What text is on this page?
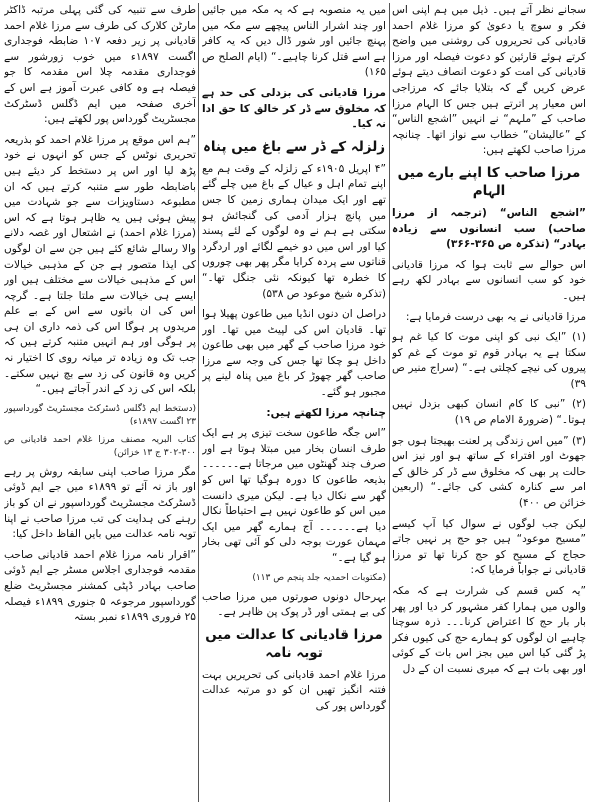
سجانے نظر آتے ہیں۔ ذیل میں ہم اپنی اس فکر و سوچ یا دعویٰ کو مرزا غلام احمد قادیانی کی تحریروں کی روشنی میں واضح کرتے ہوئے قارئین کو دعوت فیصلہ اور مرزا قادیانی کی امت کو دعوت انصاف دیتے ہوئے عرض کریں گے کہ بتلایا جائے کہ مرزاجی اس معیار پر اترتے ہیں جس کا الہام مرزا صاحب کے ”ملہم“ نے انہیں ”اشجع الناس“ کے ”عالیشان“ خطاب سے نواز اتھا۔ چنانچہ مرزا صاحب لکھتے ہیں:

مرزا صاحب کا اپنے بارے میں الہام

”اشجع الناس“ (ترجمہ از مرزا صاحب) سب انسانوں سے زیادہ بہادر“ (تذکرہ ص ۳۶۵-۳۶۶)

اس حوالے سے ثابت ہوا کہ مرزا قادیانی خود کو سب انسانوں سے بہادر لکھ رہے ہیں۔

مرزا قادیانی نے یہ بھی درست فرمایا ہے:

(۱) ”ایک نبی کو اپنی موت کا کیا غم ہو سکتا ہے یہ بہادر قوم تو موت کے غم کو پیروں کی نیچے کچلتی ہے۔“ (سراج منیر ص ۳۹)

(۲) ”نبی کا کام انسان کبھی بزدل نہیں ہوتا۔“ (ضرورۃ الامام ص ۱۹)

(۳) ”میں اس زندگی پر لعنت بھیجتا ہوں جو جھوٹ اور افتراء کے ساتھ ہو اور نیز اس حالت پر بھی کہ مخلوق سے ڈر کر خالق کے امر سے کنارہ کشی کی جائے۔“ (اربعین خزائن ص ۴۰۰)

لیکن جب لوگوں نے سوال کیا آپ کیسے ”مسیح موعود“ ہیں جو حج پر نہیں جاتے حجاج کے مسیح کو حج کرنا تھا تو مرزا قادیانی نے جواباً فرمایا کہ:

”یہ کس قسم کی شرارت ہے کہ مکہ والوں میں ہمارا کفر مشہور کر دیا اور پھر بار بار حج کا اعتراض کرنا۔۔۔ ذرہ سوچنا چاہیے ان لوگوں کو ہمارے حج کی کیوں فکر پڑ گئی کیا اس میں بجز اس بات کے کوئی اور بھی بات ہے کہ میری نسبت ان کے دل

میں یہ منصوبہ ہے کہ یہ مکہ میں جائیں اور چند اشرار الناس پیچھے سے مکہ میں پہنچ جائیں اور شور ڈال دیں کہ یہ کافر ہے اسے قتل کرنا چاہیے۔“ (ایام الصلح ص ۱۶۵)

مرزا قادیانی کی بزدلی کی حد ہے کہ مخلوق سے ڈر کر خالق کا حق ادا نہ کیا۔

زلزلہ کے ڈر سے باغ میں پناہ

”۴ اپریل ۱۹۰۵ء کے زلزلہ کے وقت ہم مع اپنے تمام اہل و عیال کے باغ میں چلے گئے تھے اور ایک میدان ہماری زمین کا جس میں پانچ ہزار آدمی کی گنجائش ہو سکتی ہے ہم نے وہ لوگوں کے لئے پسند کیا اور اس میں دو خیمے لگائے اور اردگرد قناتوں سے پردہ کرایا مگر پھر بھی چوروں کا خطرہ تھا کیونکہ نئی جنگل تھا۔“ (تذکرہ شیخ موعود ص ۵۳۸)

دراصل ان دنوں انڈیا میں طاعون پھیلا ہوا تھا۔ قادیان اس کی لپیٹ میں تھا۔ اور خود مرزا صاحب کے گھر میں بھی طاعون داخل ہو چکا تھا جس کی وجہ سے مرزا صاحب گھر چھوڑ کر باغ میں پناہ لینے پر مجبور ہو گئے۔

چنانچہ مرزا لکھتے ہیں:

”اس جگہ طاعون سخت تیزی پر ہے ایک طرف انسان بخار میں مبتلا ہوتا ہے اور صرف چند گھنٹوں میں مرجاتا ہے۔۔۔۔۔۔ بذیعہ طاعون کا دورہ ہوگیا تھا اس کو گھر سے نکال دیا ہے۔ لیکن میری دانست میں اس کو طاعون نہیں ہے احتیاطاً نکال دیا ہے۔۔۔۔۔۔ آج ہمارے گھر میں ایک مہمان عورت بوجہ دلی کو آئی تھی بخار ہو گیا ہے۔“

(مکتوبات احمدیہ جلد پنجم ص ۱۱۳)

بہرحال دونوں صورتوں میں مرزا صاحب کی بے ہمتی اور ڈر پوک پن ظاہر ہے۔

مرزا قادیانی کا عدالت میں توبہ نامہ

مرزا غلام احمد قادیانی کی تحریریں بہت فتنہ انگیز تھیں ان کو دو مرتبہ عدالت گورداس پور کی

طرف سے تنبیہ کی گئی پہلی مرتبہ ڈاکٹر مارٹن کلارک کی طرف سے مرزا غلام احمد قادیانی پر زیر دفعہ ۱۰۷ ضابطہ فوجداری اگست ۱۸۹۷ء میں خوب زورشور سے فوجداری مقدمہ چلا اس مقدمہ کا جو فیصلہ ہے وہ کافی عبرت آموز ہے اس کے آخری صفحہ میں ایم ڈگلس ڈسٹرکٹ مجسٹریٹ گورداس پور لکھتے ہیں:

”ہم اس موقع پر مرزا غلام احمد کو بذریعہ تحریری نوٹس کے جس کو انہوں نے خود پڑھ لیا اور اس پر دستخط کر دیئے ہیں باضابطہ طور سے متنبہ کرتے ہیں کہ ان مطبوعہ دستاویزات سے جو شہادت میں پیش ہوئی ہیں یہ ظاہر ہوتا ہے کہ اس (مرزا غلام احمد) نے اشتعال اور غصہ دلانے والا رسالے شائع کئے ہیں جن سے ان لوگوں کی ایذا متصور ہے جن کے مذہبی خیالات اس کے مذہبی خیالات سے مختلف ہیں اور ایسے ہی خیالات سے ملتا جلتا ہے۔ گرچہ اس کی ان باتوں سے اس کے بے علم مریدوں پر ہوگا اس کی ذمہ داری ان ہی پر ہوگی اور ہم انہیں متنبہ کرتے ہیں کہ جب تک وہ زیادہ تر میانہ روی کا اختیار نہ کریں وہ قانون کی زد سے بچ نہیں سکتے۔ بلکہ اس کی زد کے اندر آجاتے ہیں۔“

(دستخط ایم ڈگلس ڈسٹرکٹ مجسٹریٹ گورداسپور ۲۳ اگست ۱۸۹۷ء)

کتاب البریہ مصنف مرزا غلام احمد قادیانی ص ۳۰۰-۳۰۲ ج ۱۳ خزائن)

مگر مرزا صاحب اپنی سابقہ روش پر رہے اور باز نہ آئے تو ۱۸۹۹ء میں جے ایم ڈوئی ڈسٹرکٹ مجسٹریٹ گورداسپور نے ان کو باز رہنے کی ہدایت کی تب مرزا صاحب نے اپنا توبہ نامہ عدالت میں بایں الفاظ داخل کیا:

”اقرار نامہ مرزا غلام احمد قادیانی صاحب مقدمہ فوجداری اجلاس مسٹر جے ایم ڈوئی صاحب بہادر ڈپٹی کمشنر مجسٹریٹ ضلع گورداسپور مرجوعہ ۵ جنوری ۱۸۹۹ء فیصلہ ۲۵ فروری ۱۸۹۹ء نمبر بستہ
